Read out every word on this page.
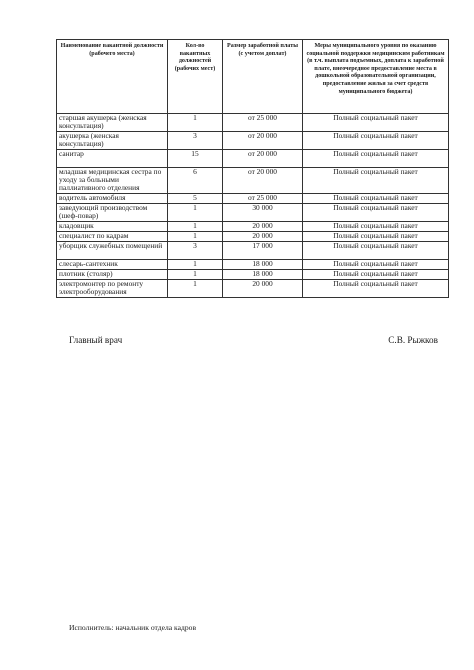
Наименование вакантной должности (рабочего места)	Кол-во вакантных должностей (рабочих мест)	Размер заработной платы (с учетом доплат)	Меры муниципального уровня по оказанию социальной поддержки медицинским работникам (в т.ч. выплата подъемных, доплата к заработной плате, внеочередное предоставление места в дошкольной образовательной организации, предоставление жилья за счет средств муниципального бюджета)
старшая акушерка (женская консультация)	1	от 25 000	Полный социальный пакет
акушерка (женская консультация)	3	от 20 000	Полный социальный пакет
санитар	15	от 20 000	Полный социальный пакет
младшая медицинская сестра по уходу за больными паллиативного отделения	6	от 20 000	Полный социальный пакет
водитель автомобиля	5	от 25 000	Полный социальный пакет
заведующий производством (шеф-повар)	1	30 000	Полный социальный пакет
кладовщик	1	20 000	Полный социальный пакет
специалист по кадрам	1	20 000	Полный социальный пакет
уборщик служебных помещений	3	17 000	Полный социальный пакет
слесарь-сантехник	1	18 000	Полный социальный пакет
плотник (столяр)	1	18 000	Полный социальный пакет
электромонтер по ремонту электрооборудования	1	20 000	Полный социальный пакет
Главный врач	С.В. Рыжков
Исполнитель: начальник отдела кадров
